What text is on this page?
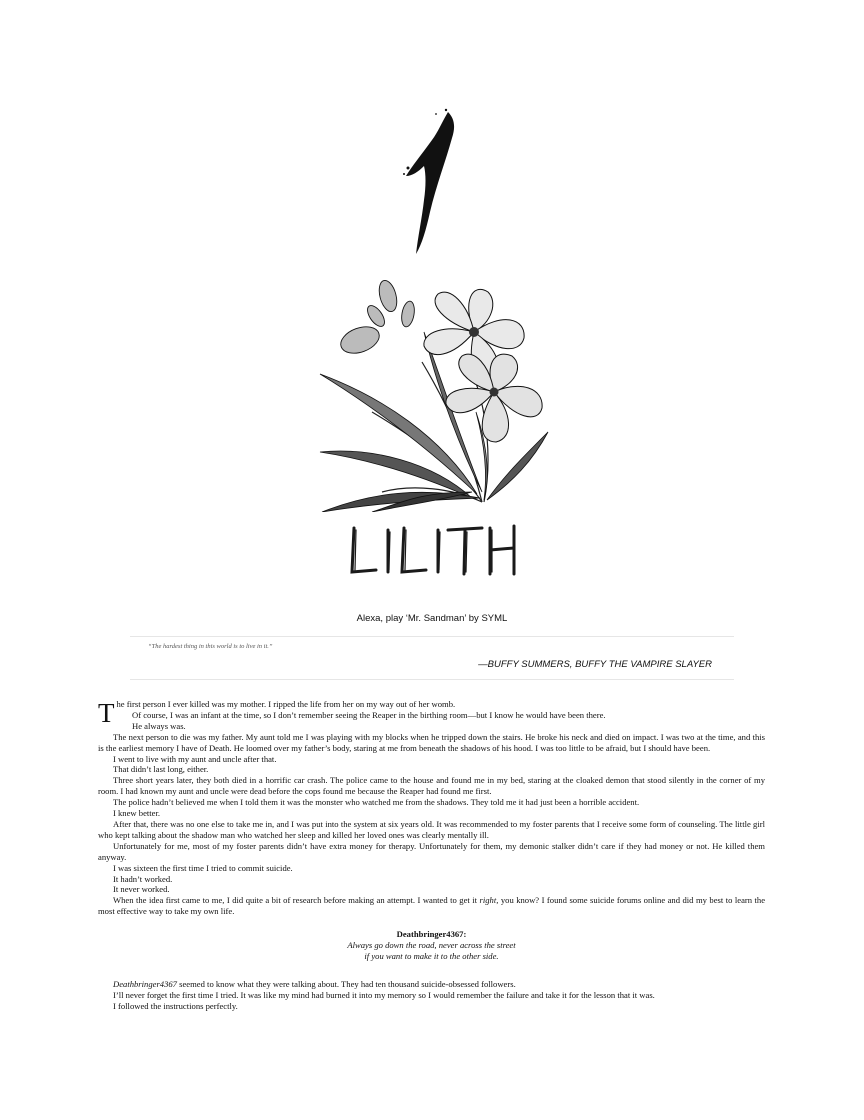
Alexa, play ‘Mr. Sandman’ by SYML
“The hardest thing in this world is to live in it.”
—BUFFY SUMMERS, BUFFY THE VAMPIRE SLAYER

The first person I ever killed was my mother. I ripped the life from her on my way out of her womb.

Of course, I was an infant at the time, so I don’t remember seeing the Reaper in the birthing room—but I know he would have been there.

He always was.

The next person to die was my father. My aunt told me I was playing with my blocks when he tripped down the stairs. He broke his neck and died on impact. I was two at the time, and this is the earliest memory I have of Death. He loomed over my father’s body, staring at me from beneath the shadows of his hood. I was too little to be afraid, but I should have been.

I went to live with my aunt and uncle after that.

That didn’t last long, either.

Three short years later, they both died in a horrific car crash. The police came to the house and found me in my bed, staring at the cloaked demon that stood silently in the corner of my room. I had known my aunt and uncle were dead before the cops found me because the Reaper had found me first.

The police hadn’t believed me when I told them it was the monster who watched me from the shadows. They told me it had just been a horrible accident.

I knew better.

After that, there was no one else to take me in, and I was put into the system at six years old. It was recommended to my foster parents that I receive some form of counseling. The little girl who kept talking about the shadow man who watched her sleep and killed her loved ones was clearly mentally ill.

Unfortunately for me, most of my foster parents didn’t have extra money for therapy. Unfortunately for them, my demonic stalker didn’t care if they had money or not. He killed them anyway.

I was sixteen the first time I tried to commit suicide.

It hadn’t worked.

It never worked.

When the idea first came to me, I did quite a bit of research before making an attempt. I wanted to get it right, you know? I found some suicide forums online and did my best to learn the most effective way to take my own life.

Deathbringer4367:
Always go down the road, never across the street
if you want to make it to the other side.

Deathbringer4367 seemed to know what they were talking about. They had ten thousand suicide-obsessed followers.

I’ll never forget the first time I tried. It was like my mind had burned it into my memory so I would remember the failure and take it for the lesson that it was.

I followed the instructions perfectly.
